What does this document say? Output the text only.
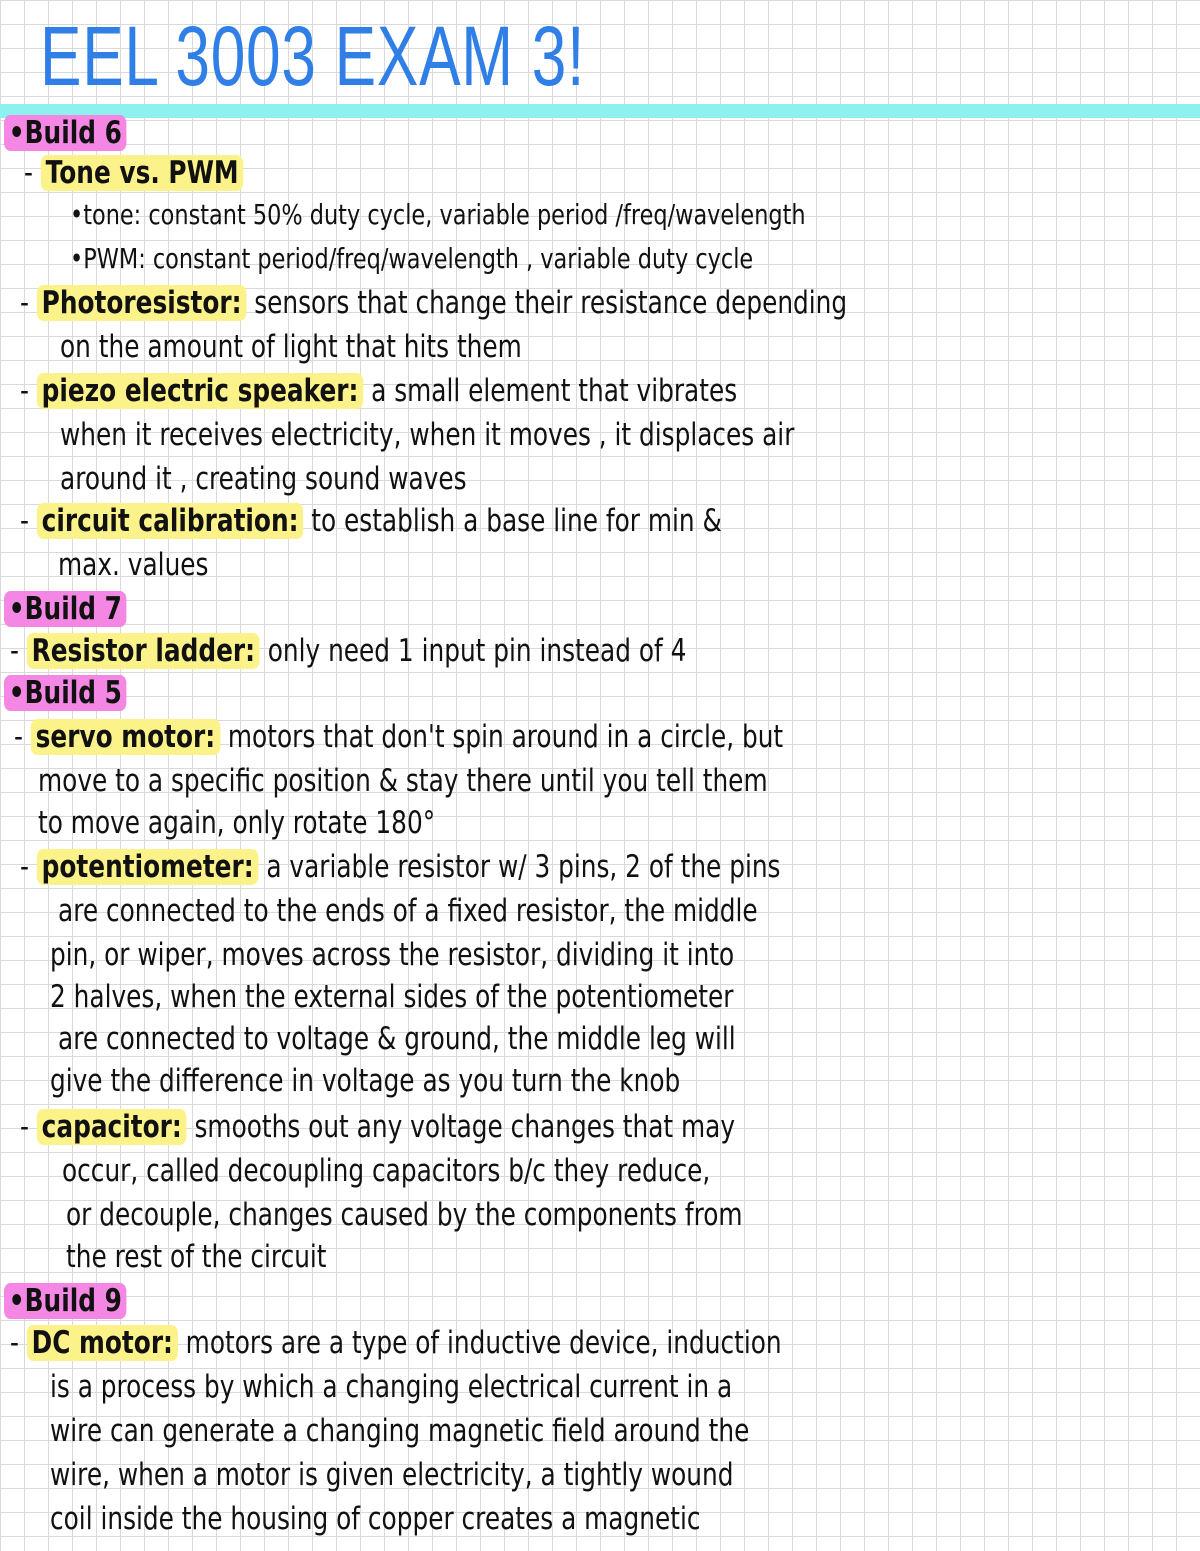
EEL 3003 EXAM 3!
•Build 6
- Tone vs. PWM
•tone: constant 50% duty cycle, variable period /freq/wavelength
•PWM: constant period/freq/wavelength , variable duty cycle
- Photoresistor: sensors that change their resistance depending
on the amount of light that hits them
- piezo electric speaker: a small element that vibrates
when it receives electricity, when it moves , it displaces air
around it , creating sound waves
- circuit calibration: to establish a base line for min &
max. values
•Build 7
- Resistor ladder: only need 1 input pin instead of 4
•Build 5
- servo motor: motors that don't spin around in a circle, but
move to a specific position & stay there until you tell them
to move again, only rotate 180°
- potentiometer: a variable resistor w/ 3 pins, 2 of the pins
are connected to the ends of a fixed resistor, the middle
pin, or wiper, moves across the resistor, dividing it into
2 halves, when the external sides of the potentiometer
are connected to voltage & ground, the middle leg will
give the difference in voltage as you turn the knob
- capacitor: smooths out any voltage changes that may
occur, called decoupling capacitors b/c they reduce,
or decouple, changes caused by the components from
the rest of the circuit
•Build 9
- DC motor: motors are a type of inductive device, induction
is a process by which a changing electrical current in a
wire can generate a changing magnetic field around the
wire, when a motor is given electricity, a tightly wound
coil inside the housing of copper creates a magnetic
